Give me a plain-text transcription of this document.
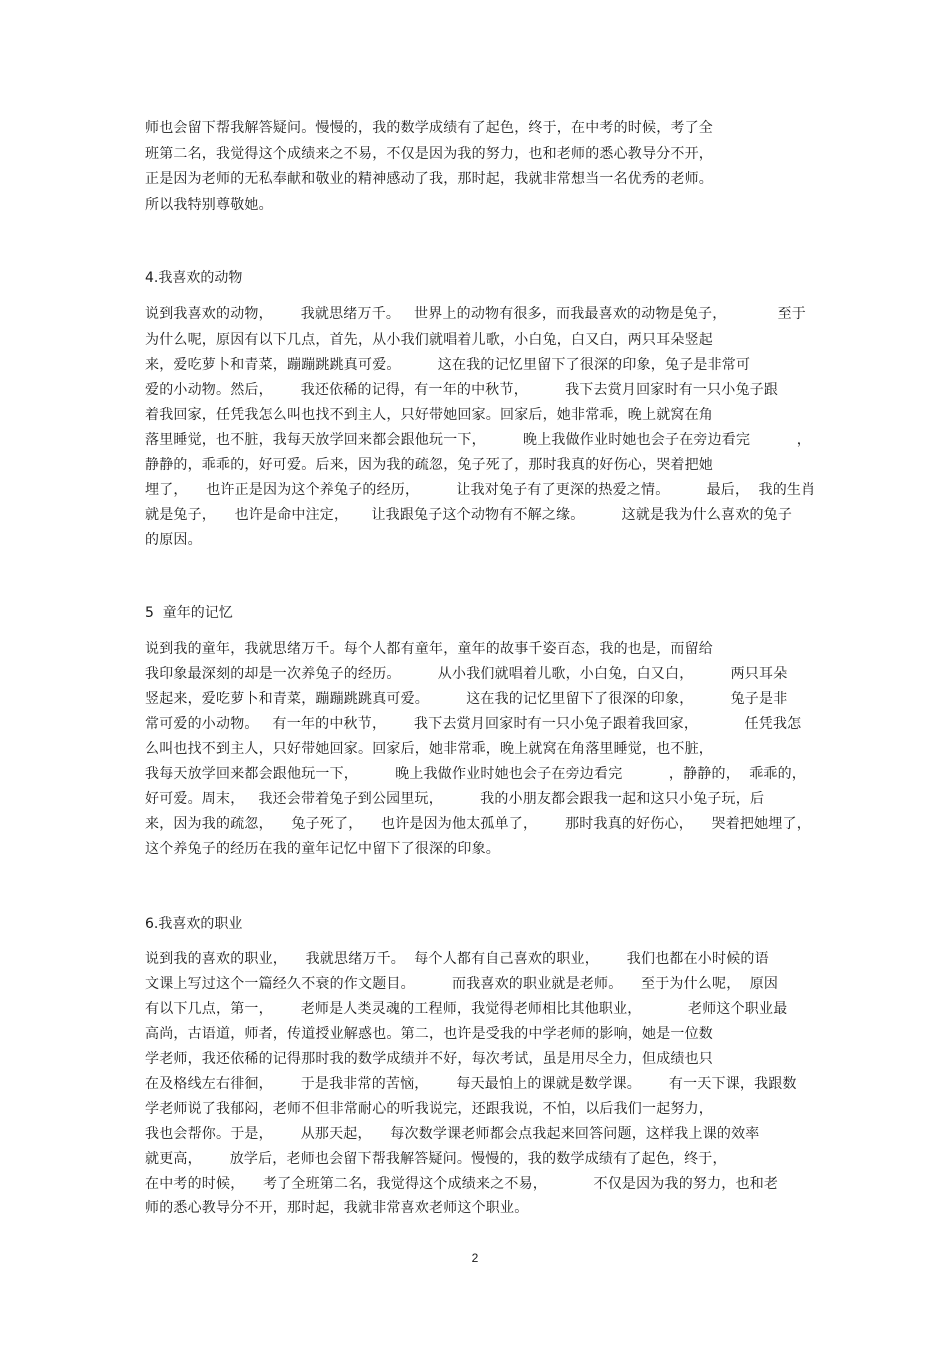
师也会留下帮我解答疑问。慢慢的，我的数学成绩有了起色，终于，在中考的时候，考了全
班第二名，我觉得这个成绩来之不易，不仅是因为我的努力，也和老师的悉心教导分不开，
正是因为老师的无私奉献和敬业的精神感动了我，那时起，我就非常想当一名优秀的老师。
所以我特别尊敬她。
4.我喜欢的动物
说到我喜欢的动物，      我就思绪万千。   世界上的动物有很多，而我最喜欢的动物是兔子，           至于
为什么呢，原因有以下几点，首先，从小我们就唱着儿歌，小白兔，白又白，两只耳朵竖起
来，爱吃萝卜和青菜，蹦蹦跳跳真可爱。        这在我的记忆里留下了很深的印象，兔子是非常可
爱的小动物。然后，      我还依稀的记得，有一年的中秋节，        我下去赏月回家时有一只小兔子跟
着我回家，任凭我怎么叫也找不到主人，只好带她回家。回家后，她非常乖，晚上就窝在角
落里睡觉，也不脏，我每天放学回来都会跟他玩一下，        晚上我做作业时她也会子在旁边看完          ，
静静的，乖乖的，好可爱。后来，因为我的疏忽，兔子死了，那时我真的好伤心，哭着把她
埋了，    也许正是因为这个养兔子的经历，        让我对兔子有了更深的热爱之情。        最后，  我的生肖
就是兔子，    也许是命中注定，     让我跟兔子这个动物有不解之缘。        这就是我为什么喜欢的兔子
的原因。
5  童年的记忆
说到我的童年，我就思绪万千。每个人都有童年，童年的故事千姿百态，我的也是，而留给
我印象最深刻的却是一次养兔子的经历。        从小我们就唱着儿歌，小白兔，白又白，        两只耳朵
竖起来，爱吃萝卜和青菜，蹦蹦跳跳真可爱。        这在我的记忆里留下了很深的印象，        兔子是非
常可爱的小动物。   有一年的中秋节，      我下去赏月回家时有一只小兔子跟着我回家，          任凭我怎
么叫也找不到主人，只好带她回家。回家后，她非常乖，晚上就窝在角落里睡觉，也不脏，
我每天放学回来都会跟他玩一下，        晚上我做作业时她也会子在旁边看完          ，静静的，  乖乖的，
好可爱。周末，   我还会带着兔子到公园里玩，        我的小朋友都会跟我一起和这只小兔子玩，后
来，因为我的疏忽，    兔子死了，    也许是因为他太孤单了，      那时我真的好伤心，    哭着把她埋了，
这个养兔子的经历在我的童年记忆中留下了很深的印象。
6.我喜欢的职业
说到我的喜欢的职业，    我就思绪万千。  每个人都有自己喜欢的职业，      我们也都在小时候的语
文课上写过这个一篇经久不衰的作文题目。        而我喜欢的职业就是老师。    至于为什么呢，  原因
有以下几点，第一，      老师是人类灵魂的工程师，我觉得老师相比其他职业，          老师这个职业最
高尚，古语道，师者，传道授业解惑也。第二，也许是受我的中学老师的影响，她是一位数
学老师，我还依稀的记得那时我的数学成绩并不好，每次考试，虽是用尽全力，但成绩也只
在及格线左右徘徊，      于是我非常的苦恼，      每天最怕上的课就是数学课。      有一天下课，我跟数
学老师说了我郁闷，老师不但非常耐心的听我说完，还跟我说，不怕，以后我们一起努力，
我也会帮你。于是，      从那天起，    每次数学课老师都会点我起来回答问题，这样我上课的效率
就更高，      放学后，老师也会留下帮我解答疑问。慢慢的，我的数学成绩有了起色，终于，
在中考的时候，    考了全班第二名，我觉得这个成绩来之不易，          不仅是因为我的努力，也和老
师的悉心教导分不开，那时起，我就非常喜欢老师这个职业。
2
